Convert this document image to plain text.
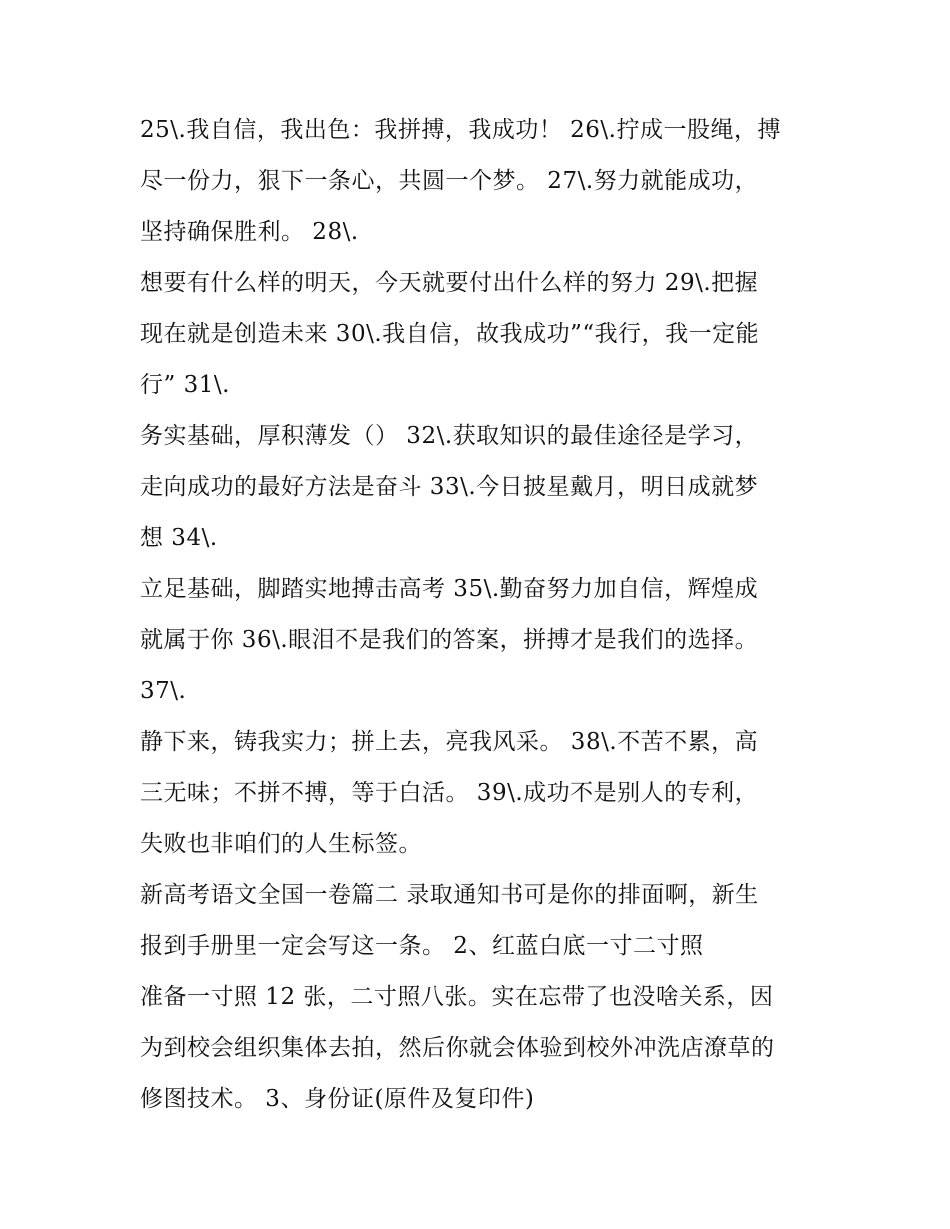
25\.我自信，我出色：我拼搏，我成功！ 26\.拧成一股绳，搏
尽一份力，狠下一条心，共圆一个梦。 27\.努力就能成功，
坚持确保胜利。 28\.
想要有什么样的明天，今天就要付出什么样的努力 29\.把握
现在就是创造未来 30\.我自信，故我成功”“我行，我一定能
行” 31\.
务实基础，厚积薄发（） 32\.获取知识的最佳途径是学习，
走向成功的最好方法是奋斗 33\.今日披星戴月，明日成就梦
想 34\.
立足基础，脚踏实地搏击高考 35\.勤奋努力加自信，辉煌成
就属于你 36\.眼泪不是我们的答案，拼搏才是我们的选择。
37\.
静下来，铸我实力；拼上去，亮我风采。 38\.不苦不累，高
三无味；不拼不搏，等于白活。 39\.成功不是别人的专利，
失败也非咱们的人生标签。
新高考语文全国一卷篇二 录取通知书可是你的排面啊，新生
报到手册里一定会写这一条。 2、红蓝白底一寸二寸照
准备一寸照 12 张，二寸照八张。实在忘带了也没啥关系，因
为到校会组织集体去拍，然后你就会体验到校外冲洗店潦草的
修图技术。 3、身份证(原件及复印件)
